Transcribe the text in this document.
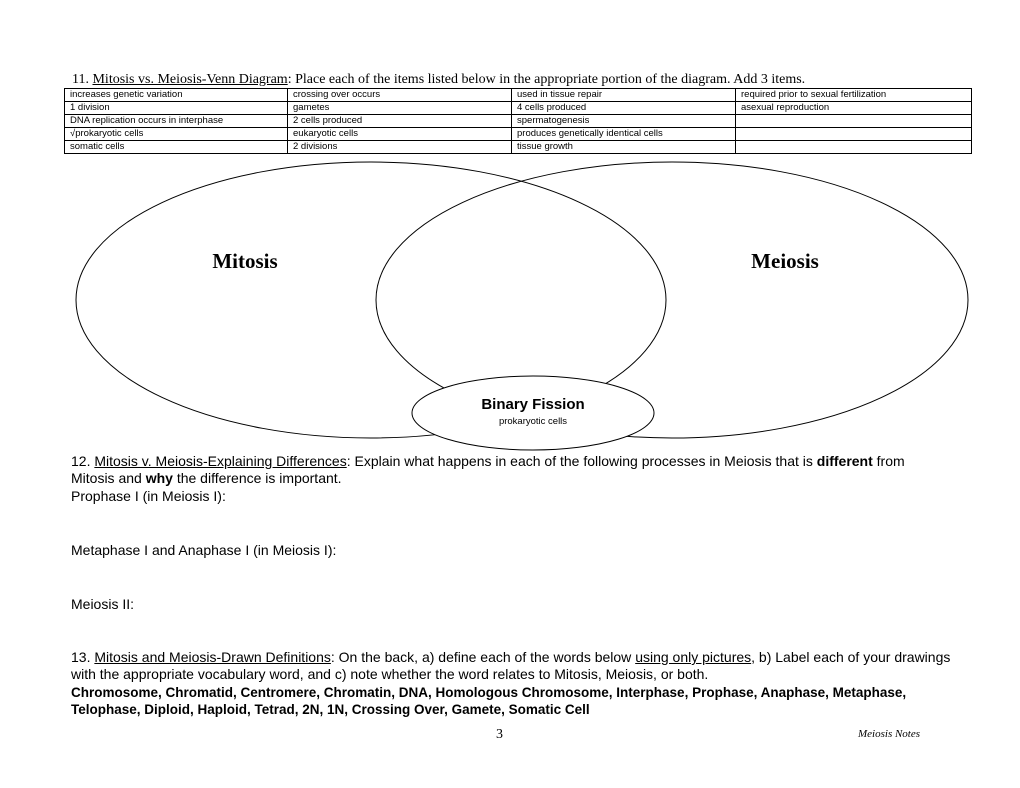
11. Mitosis vs. Meiosis-Venn Diagram: Place each of the items listed below in the appropriate portion of the diagram. Add 3 items.
increases genetic variation	crossing over occurs	used in tissue repair	required prior to sexual fertilization
1 division	gametes	4 cells produced	asexual reproduction
DNA replication occurs in interphase	2 cells produced	spermatogenesis	
√prokaryotic cells	eukaryotic cells	produces genetically identical cells	
somatic cells	2 divisions	tissue growth	
Mitosis	Meiosis
Binary Fission
prokaryotic cells
12. Mitosis v. Meiosis-Explaining Differences: Explain what happens in each of the following processes in Meiosis that is different from Mitosis and why the difference is important.
Prophase I (in Meiosis I):
Metaphase I and Anaphase I (in Meiosis I):
Meiosis II:
13. Mitosis and Meiosis-Drawn Definitions: On the back, a) define each of the words below using only pictures, b) Label each of your drawings with the appropriate vocabulary word, and c) note whether the word relates to Mitosis, Meiosis, or both.
Chromosome, Chromatid, Centromere, Chromatin, DNA, Homologous Chromosome, Interphase, Prophase, Anaphase, Metaphase, Telophase, Diploid, Haploid, Tetrad, 2N, 1N, Crossing Over, Gamete, Somatic Cell
3	Meiosis Notes
